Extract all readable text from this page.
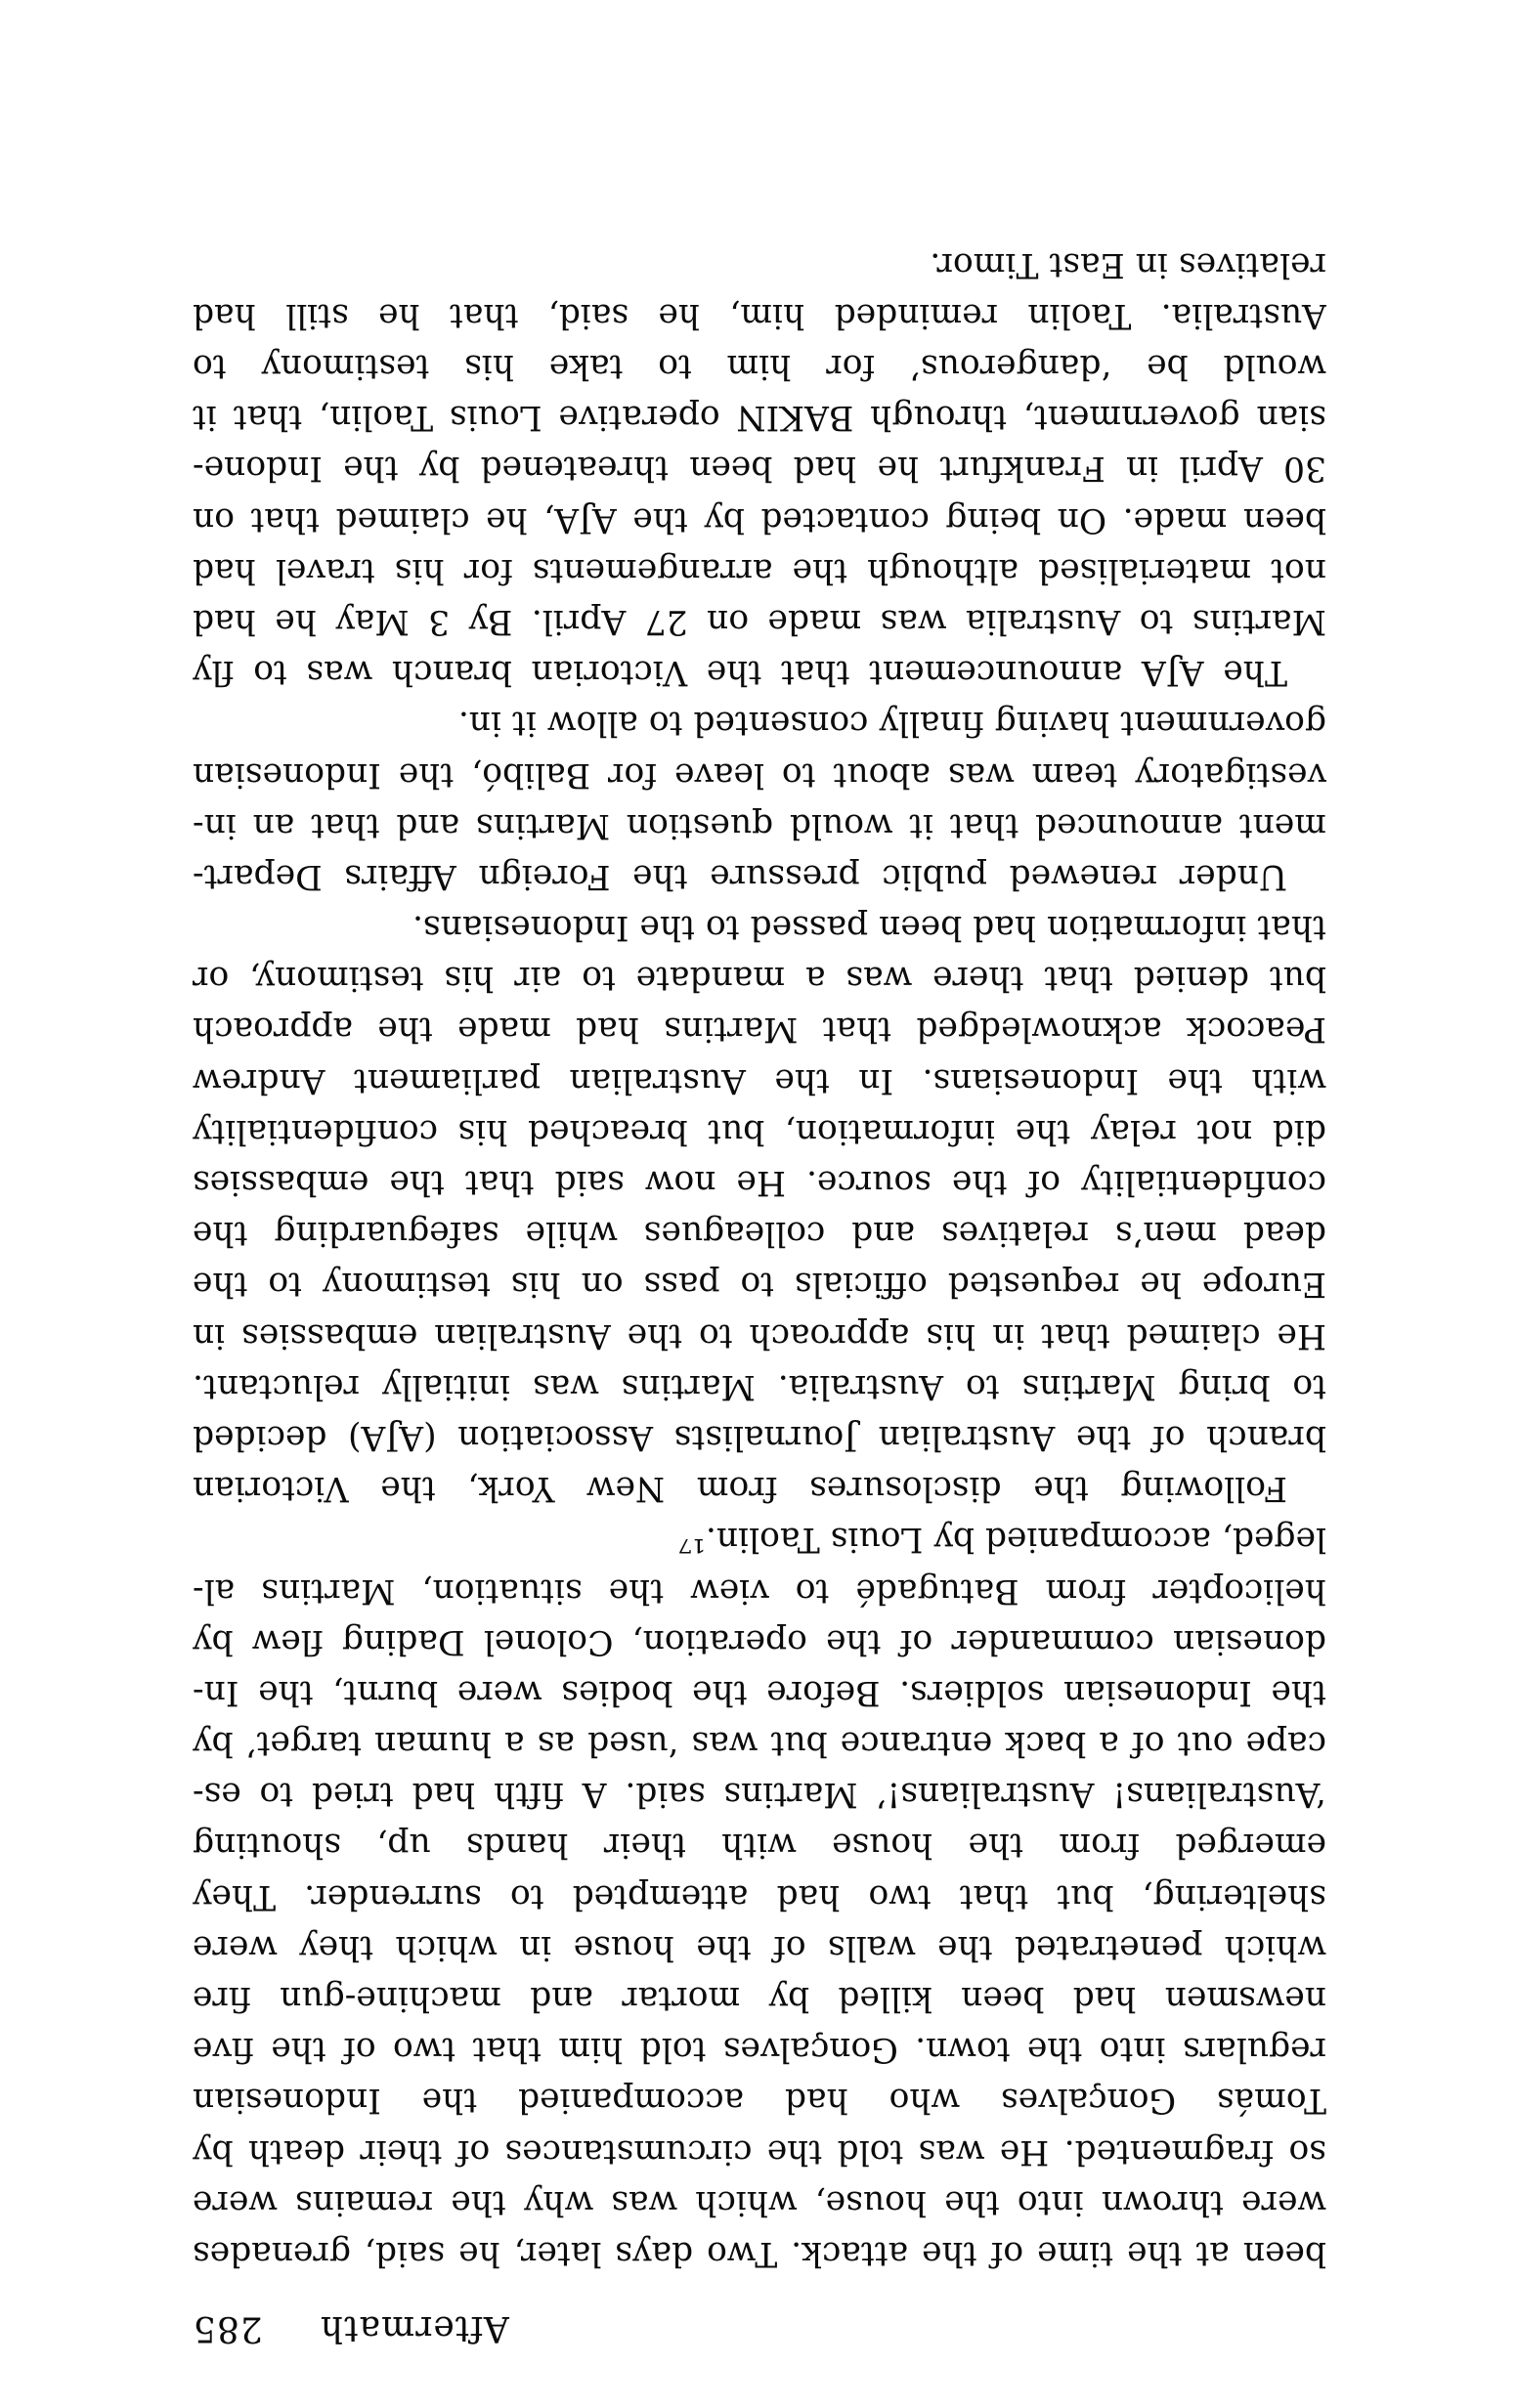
Aftermath
285
been at the time of the attack. Two days later, he said, grenades
were thrown into the house, which was why the remains were
so fragmented. He was told the circumstances of their death by
Tomás Gonçalves who had accompanied the Indonesian
regulars into the town. Gonçalves told him that two of the five
newsmen had been killed by mortar and machine-gun fire
which penetrated the walls of the house in which they were
sheltering, but that two had attempted to surrender. They
emerged from the house with their hands up, shouting
‘Australians! Australians!’ Martins said. A fifth had tried to es-
cape out of a back entrance but was ‘used as a human target’ by
the Indonesian soldiers. Before the bodies were burnt, the In-
donesian commander of the operation, Colonel Dading flew by
helicopter from Batugadé to view the situation, Martins al-
leged, accompanied by Louis Taolin.¹⁷
Following the disclosures from New York, the Victorian
branch of the Australian Journalists Association (AJA) decided
to bring Martins to Australia. Martins was initially reluctant.
He claimed that in his approach to the Australian embassies in
Europe he requested officials to pass on his testimony to the
dead men’s relatives and colleagues while safeguarding the
confidentiality of the source. He now said that the embassies
did not relay the information, but breached his confidentiality
with the Indonesians. In the Australian parliament Andrew
Peacock acknowledged that Martins had made the approach
but denied that there was a mandate to air his testimony, or
that information had been passed to the Indonesians.
Under renewed public pressure the Foreign Affairs Depart-
ment announced that it would question Martins and that an in-
vestigatory team was about to leave for Balibó, the Indonesian
government having finally consented to allow it in.
The AJA announcement that the Victorian branch was to fly
Martins to Australia was made on 27 April. By 3 May he had
not materialised although the arrangements for his travel had
been made. On being contacted by the AJA, he claimed that on
30 April in Frankfurt he had been threatened by the Indone-
sian government, through BAKIN operative Louis Taolin, that it
would be ‘dangerous’ for him to take his testimony to
Australia. Taolin reminded him, he said, that he still had
relatives in East Timor.
